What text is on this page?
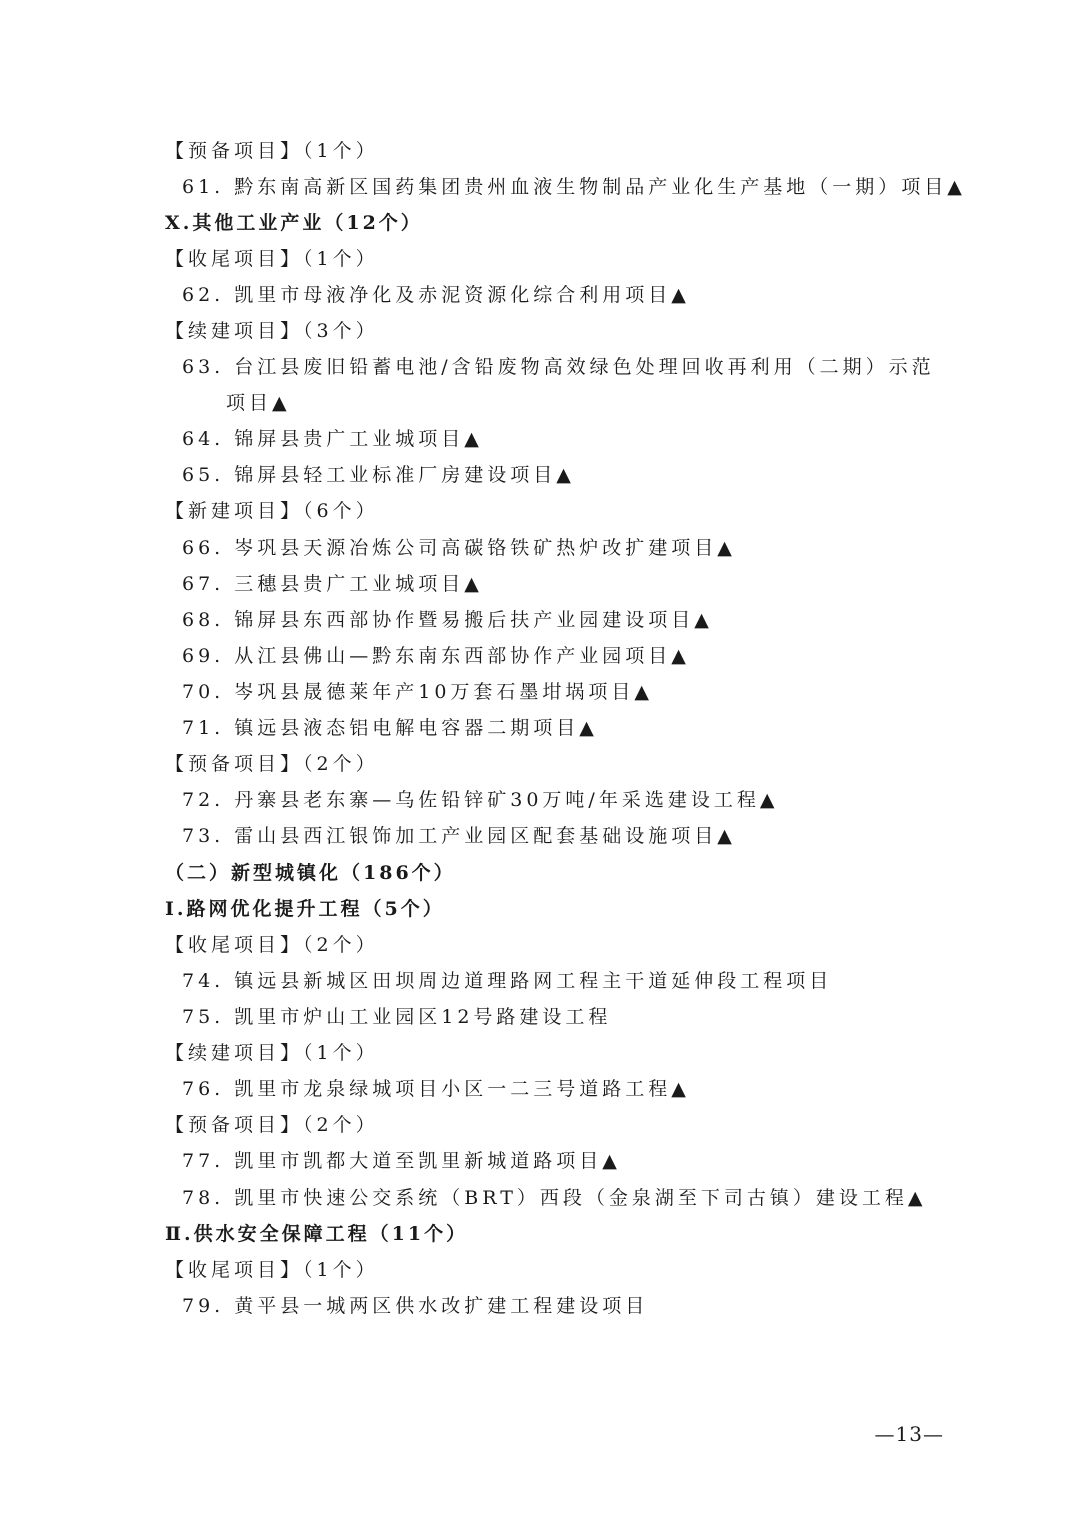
【预备项目】（1个）
61. 黔东南高新区国药集团贵州血液生物制品产业化生产基地（一期）项目▲
X.其他工业产业（12个）
【收尾项目】（1个）
62. 凯里市母液净化及赤泥资源化综合利用项目▲
【续建项目】（3个）
63. 台江县废旧铅蓄电池/含铅废物高效绿色处理回收再利用（二期）示范
项目▲
64. 锦屏县贵广工业城项目▲
65. 锦屏县轻工业标准厂房建设项目▲
【新建项目】（6个）
66. 岑巩县天源冶炼公司高碳铬铁矿热炉改扩建项目▲
67. 三穗县贵广工业城项目▲
68. 锦屏县东西部协作暨易搬后扶产业园建设项目▲
69. 从江县佛山—黔东南东西部协作产业园项目▲
70. 岑巩县晟德莱年产10万套石墨坩埚项目▲
71. 镇远县液态铝电解电容器二期项目▲
【预备项目】（2个）
72. 丹寨县老东寨—乌佐铅锌矿30万吨/年采选建设工程▲
73. 雷山县西江银饰加工产业园区配套基础设施项目▲
（二）新型城镇化（186个）
Ⅰ.路网优化提升工程（5个）
【收尾项目】（2个）
74. 镇远县新城区田坝周边道理路网工程主干道延伸段工程项目
75. 凯里市炉山工业园区12号路建设工程
【续建项目】（1个）
76. 凯里市龙泉绿城项目小区一二三号道路工程▲
【预备项目】（2个）
77. 凯里市凯都大道至凯里新城道路项目▲
78. 凯里市快速公交系统（BRT）西段（金泉湖至下司古镇）建设工程▲
Ⅱ.供水安全保障工程（11个）
【收尾项目】（1个）
79. 黄平县一城两区供水改扩建工程建设项目
—13—
